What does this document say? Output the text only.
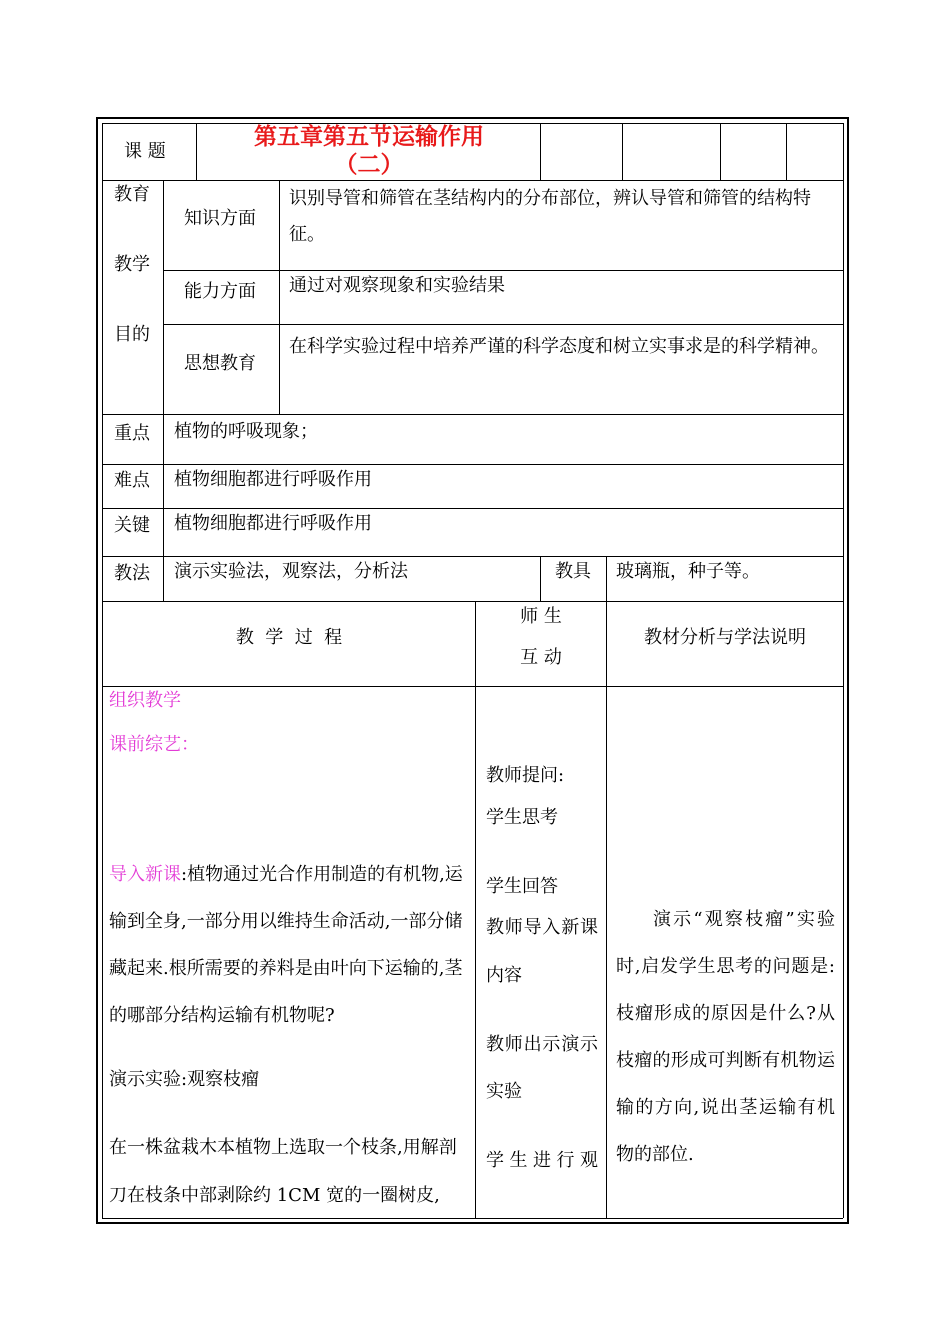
课 题
第五章第五节运输作用
（二）
教育
教学
目的
知识方面
识别导管和筛管在茎结构内的分布部位，辨认导管和筛管的结构特征。
能力方面 通过对观察现象和实验结果
思想教育
在科学实验过程中培养严谨的科学态度和树立实事求是的科学精神。
重点 植物的呼吸现象；
难点 植物细胞都进行呼吸作用
关键 植物细胞都进行呼吸作用
教法 演示实验法，观察法，分析法	教具 玻璃瓶，种子等。
教  学  过  程
师 生
互 动
教材分析与学法说明
组织教学
课前综艺：
导入新课:植物通过光合作用制造的有机物,运输到全身,一部分用以维持生命活动,一部分储藏起来.根所需要的养料是由叶向下运输的,茎的哪部分结构运输有机物呢?
演示实验:观察枝瘤
在一株盆栽木本植物上选取一个枝条,用解剖刀在枝条中部剥除约 1CM 宽的一圈树皮,
教师提问:
学生思考
学生回答
教师导入新课内容
教师出示演示实验
学生进行观
演示“观察枝瘤”实验时,启发学生思考的问题是:枝瘤形成的原因是什么?从枝瘤的形成可判断有机物运输的方向,说出茎运输有机物的部位.
